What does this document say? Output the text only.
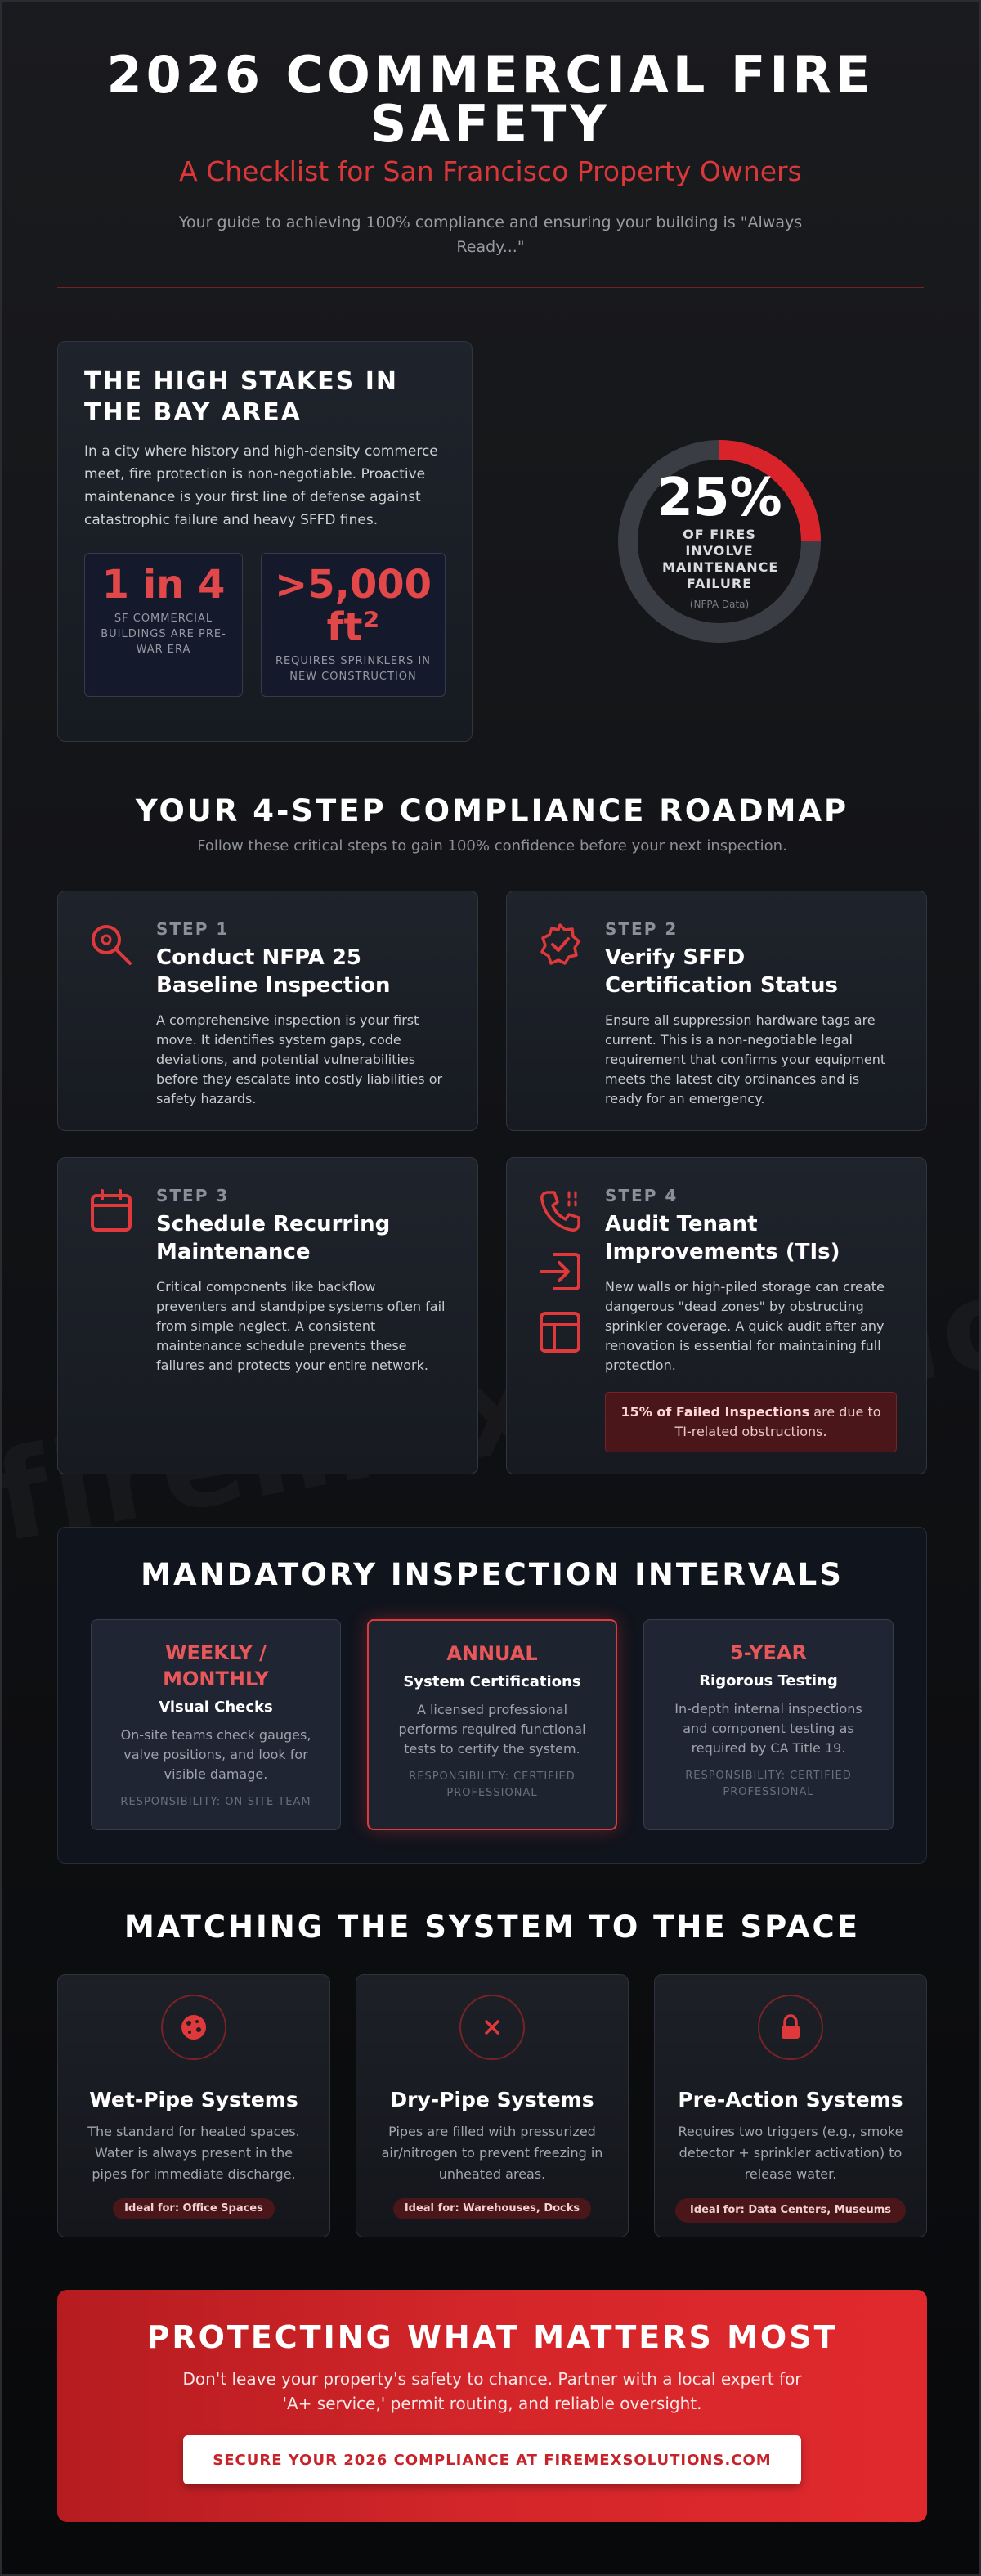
2026 COMMERCIAL FIRE SAFETY
A Checklist for San Francisco Property Owners
Your guide to achieving 100% compliance and ensuring your building is "Always Ready..."
THE HIGH STAKES IN THE BAY AREA

In a city where history and high-density commerce meet, fire protection is non-negotiable. Proactive maintenance is your first line of defense against catastrophic failure and heavy SFFD fines.

1 in 4
SF COMMERCIAL BUILDINGS ARE PRE-WAR ERA
>5,000 ft²
REQUIRES SPRINKLERS IN NEW CONSTRUCTION
25%
OF FIRES INVOLVE MAINTENANCE FAILURE
(NFPA Data)
YOUR 4-STEP COMPLIANCE ROADMAP
Follow these critical steps to gain 100% confidence before your next inspection.
STEP 1
Conduct NFPA 25 Baseline Inspection

A comprehensive inspection is your first move. It identifies system gaps, code deviations, and potential vulnerabilities before they escalate into costly liabilities or safety hazards.

STEP 2
Verify SFFD Certification Status

Ensure all suppression hardware tags are current. This is a non-negotiable legal requirement that confirms your equipment meets the latest city ordinances and is ready for an emergency.

STEP 3
Schedule Recurring Maintenance

Critical components like backflow preventers and standpipe systems often fail from simple neglect. A consistent maintenance schedule prevents these failures and protects your entire network.

STEP 4
Audit Tenant Improvements (TIs)

New walls or high-piled storage can create dangerous "dead zones" by obstructing sprinkler coverage. A quick audit after any renovation is essential for maintaining full protection.

15% of Failed Inspections are due to TI-related obstructions.
MANDATORY INSPECTION INTERVALS
WEEKLY / MONTHLY
Visual Checks
On-site teams check gauges, valve positions, and look for visible damage.
RESPONSIBILITY: ON-SITE TEAM
ANNUAL
System Certifications
A licensed professional performs required functional tests to certify the system.
RESPONSIBILITY: CERTIFIED PROFESSIONAL
5-YEAR
Rigorous Testing
In-depth internal inspections and component testing as required by CA Title 19.
RESPONSIBILITY: CERTIFIED PROFESSIONAL
MATCHING THE SYSTEM TO THE SPACE
Wet-Pipe Systems

The standard for heated spaces. Water is always present in the pipes for immediate discharge.

Ideal for: Office Spaces
Dry-Pipe Systems

Pipes are filled with pressurized air/nitrogen to prevent freezing in unheated areas.

Ideal for: Warehouses, Docks
Pre-Action Systems

Requires two triggers (e.g., smoke detector + sprinkler activation) to release water.

Ideal for: Data Centers, Museums
PROTECTING WHAT MATTERS MOST

Don't leave your property's safety to chance. Partner with a local expert for 'A+ service,' permit routing, and reliable oversight.

SECURE YOUR 2026 COMPLIANCE AT FIREMEXSOLUTIONS.COM
